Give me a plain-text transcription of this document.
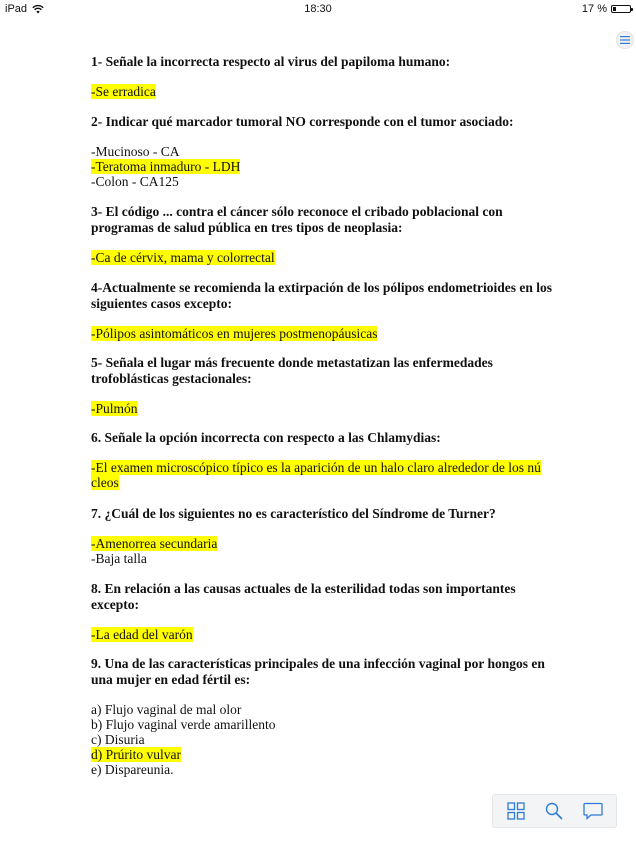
iPad	18:30	17 %

1- Señale la incorrecta respecto al virus del papiloma humano:

-Se erradica

2- Indicar qué marcador tumoral NO corresponde con el tumor asociado:

-Mucinoso - CA

-Teratoma inmaduro - LDH

-Colon - CA125

3- El código ... contra el cáncer sólo reconoce el cribado poblacional con programas de salud pública en tres tipos de neoplasia:

-Ca de cérvix, mama y colorrectal

4-Actualmente se recomienda la extirpación de los pólipos endometrioides en los siguientes casos excepto:

-Pólipos asintomáticos en mujeres postmenopáusicas

5- Señala el lugar más frecuente donde metastatizan las enfermedades trofoblásticas gestacionales:

-Pulmón

6. Señale la opción incorrecta con respecto a las Chlamydias:

-El examen microscópico típico es la aparición de un halo claro alrededor de los nú cleos

7. ¿Cuál de los siguientes no es característico del Síndrome de Turner?

-Amenorrea secundaria

-Baja talla

8. En relación a las causas actuales de la esterilidad todas son importantes excepto:

-La edad del varón

9. Una de las características principales de una infección vaginal por hongos en una mujer en edad fértil es:

a) Flujo vaginal de mal olor

b) Flujo vaginal verde amarillento

c) Disuria

d) Prúrito vulvar

e) Dispareunia.
